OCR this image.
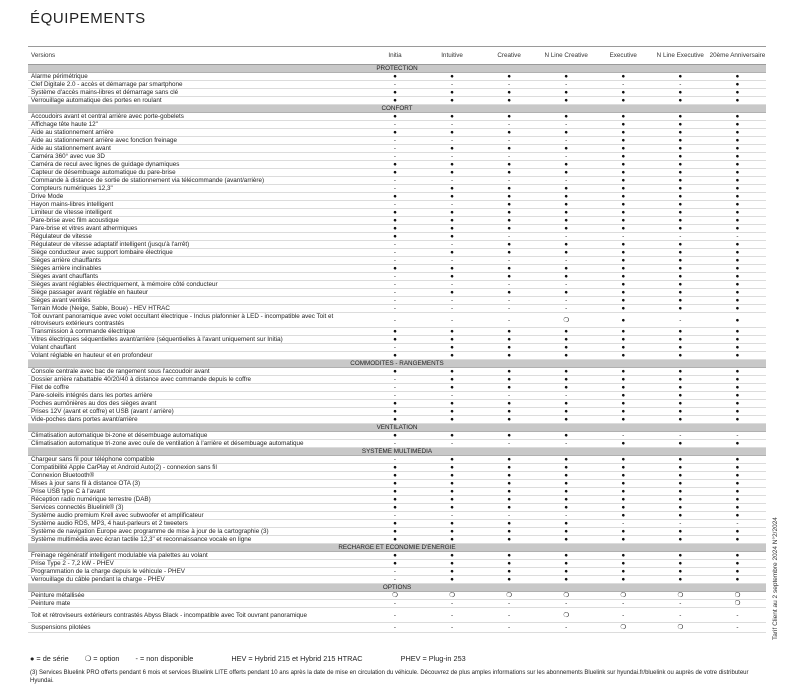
ÉQUIPEMENTS
Versions	Initia	Intuitive	Creative	N Line Creative	Executive	N Line Executive	20ème Anniversaire
PROTECTION							
Alarme périmétrique	●	●	●	●	●	●	●
Clef Digitale 2.0 - accès et démarrage par smartphone	-	-	-	-	-	-	●
Système d'accès mains-libres et démarrage sans clé	●	●	●	●	●	●	●
Verrouillage automatique des portes en roulant	●	●	●	●	●	●	●
CONFORT							
Accoudoirs avant et central arrière avec porte-gobelets	●	●	●	●	●	●	●
Affichage tête haute 12"	-	-	-	-	●	●	●
Aide au stationnement arrière	●	●	●	●	●	●	●
Aide au stationnement arrière avec fonction freinage	-	-	-	-	●	●	●
Aide au stationnement avant	-	●	●	●	●	●	●
Caméra 360° avec vue 3D	-	-	-	-	●	●	●
Caméra de recul avec lignes de guidage dynamiques	●	●	●	●	●	●	●
Capteur de désembuage automatique du pare-brise	●	●	●	●	●	●	●
Commande à distance de sortie de stationnement via télécommande (avant/arrière)	-	-	-	-	●	●	●
Compteurs numériques 12,3"	-	●	●	●	●	●	●
Drive Mode	●	●	●	●	●	●	●
Hayon mains-libres intelligent	-	-	●	●	●	●	●
Limiteur de vitesse intelligent	●	●	●	●	●	●	●
Pare-brise avec film acoustique	●	●	●	●	●	●	●
Pare-brise et vitres avant athermiques	●	●	●	●	●	●	●
Régulateur de vitesse	●	●	-	-	-	-	-
Régulateur de vitesse adaptatif intelligent (jusqu'à l'arrêt)	-	-	●	●	●	●	●
Siège conducteur avec support lombaire électrique	-	●	●	●	●	●	●
Sièges arrière chauffants	-	-	-	-	●	●	●
Sièges arrière inclinables	●	●	●	●	●	●	●
Sièges avant chauffants	-	●	●	●	●	●	●
Sièges avant réglables électriquement, à mémoire côté conducteur	-	-	-	-	●	●	●
Siège passager avant réglable en hauteur	-	●	●	●	●	●	●
Sièges avant ventilés	-	-	-	-	●	●	●
Terrain Mode (Neige, Sable, Boue) - HEV HTRAC	-	-	-	-	●	●	●
Toit ouvrant panoramique avec volet occultant électrique - Inclus plafonnier à LED - incompatible avec Toit et rétroviseurs extérieurs contrastés	-	-	-	❍	●	-	●
Transmission à commande électrique	●	●	●	●	●	●	●
Vitres électriques séquentielles avant/arrière (séquentielles à l'avant uniquement sur Initia)	●	●	●	●	●	●	●
Volant chauffant	-	●	●	●	●	●	●
Volant réglable en hauteur et en profondeur	●	●	●	●	●	●	●
COMMODITÉS - RANGEMENTS							
Console centrale avec bac de rangement sous l'accoudoir avant	●	●	●	●	●	●	●
Dossier arrière rabattable 40/20/40 à distance avec commande depuis le coffre	-	●	●	●	●	●	●
Filet de coffre	-	●	●	●	●	●	●
Pare-soleils intégrés dans les portes arrière	-	-	-	-	●	●	●
Poches aumônières au dos des sièges avant	●	●	●	●	●	●	●
Prises 12V (avant et coffre) et USB (avant / arrière)	●	●	●	●	●	●	●
Vide-poches dans portes avant/arrière	●	●	●	●	●	●	●
VENTILATION							
Climatisation automatique bi-zone et désembuage automatique	●	●	●	●	-	-	-
Climatisation automatique tri-zone avec ouïe de ventilation à l'arrière et désembuage automatique	-	-	-	-	●	●	●
SYSTÈME MULTIMÉDIA							
Chargeur sans fil pour téléphone compatible	-	●	●	●	●	●	●
Compatibilité Apple CarPlay et Android Auto(2) - connexion sans fil	●	●	●	●	●	●	●
Connexion Bluetooth®	●	●	●	●	●	●	●
Mises à jour sans fil à distance OTA (3)	●	●	●	●	●	●	●
Prise USB type C à l'avant	●	●	●	●	●	●	●
Réception radio numérique terrestre (DAB)	●	●	●	●	●	●	●
Services connectés Bluelink® (3)	●	●	●	●	●	●	●
Système audio premium Krell avec subwoofer et amplificateur	-	-	-	-	●	●	●
Système audio RDS, MP3, 4 haut-parleurs et 2 tweeters	●	●	●	●	-	-	-
Système de navigation Europe avec programme de mise à jour de la cartographie (3)	●	●	●	●	●	●	●
Système multimédia avec écran tactile 12,3" et reconnaissance vocale en ligne	●	●	●	●	●	●	●
RECHARGE ET ÉCONOMIE D'ÉNERGIE							
Freinage régénératif intelligent modulable via palettes au volant	●	●	●	●	●	●	●
Prise Type 2 - 7,2 kW - PHEV	●	●	●	●	●	●	●
Programmation de la charge depuis le véhicule - PHEV	-	●	●	●	●	●	●
Verrouillage du câble pendant la charge - PHEV	-	●	●	●	●	●	●
OPTIONS							
Peinture métallisée	❍	❍	❍	❍	❍	❍	❍
Peinture mate	-	-	-	-	-	-	❍
Toit et rétroviseurs extérieurs contrastés Abyss Black - incompatible avec Toit ouvrant panoramique	-	-	-	❍	-	-	-
Suspensions pilotées	-	-	-	-	❍	❍	-
● = de série ❍ = option - = non disponible	HEV = Hybrid 215 et Hybrid 215 HTRAC	PHEV = Plug-in 253
(3) Services Bluelink PRO offerts pendant 6 mois et services Bluelink LITE offerts pendant 10 ans après la date de mise en circulation du véhicule. Découvrez de plus amples informations sur les abonnements Bluelink sur hyundai.fr/bluelink ou auprès de votre distributeur Hyundai.
Tarif Client au 2 septembre 2024 N°2/2024
